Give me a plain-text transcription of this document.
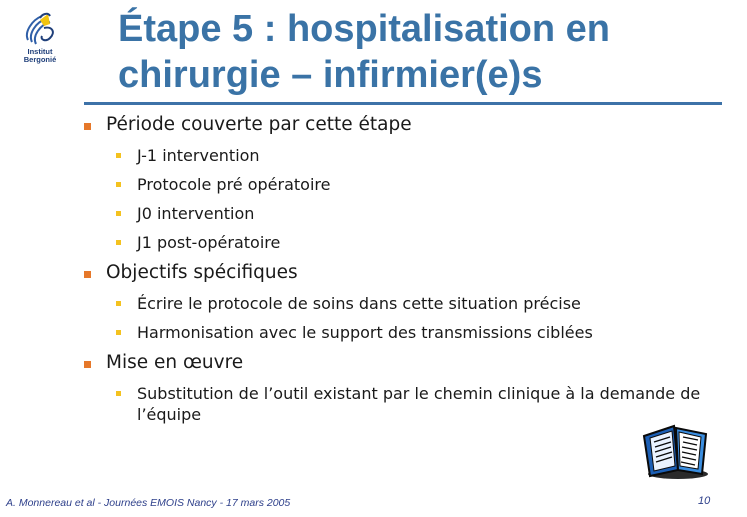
Institut
Bergonié
Étape 5 : hospitalisation en
chirurgie – infirmier(e)s
Période couverte par cette étape
J-1 intervention
Protocole pré opératoire
J0 intervention
J1 post-opératoire
Objectifs spécifiques
Écrire le protocole de soins dans cette situation précise
Harmonisation avec le support des transmissions ciblées
Mise en œuvre
Substitution de l’outil existant par le chemin clinique à la demande de l’équipe
A. Monnereau et al - Journées EMOIS Nancy - 17 mars 2005	10
